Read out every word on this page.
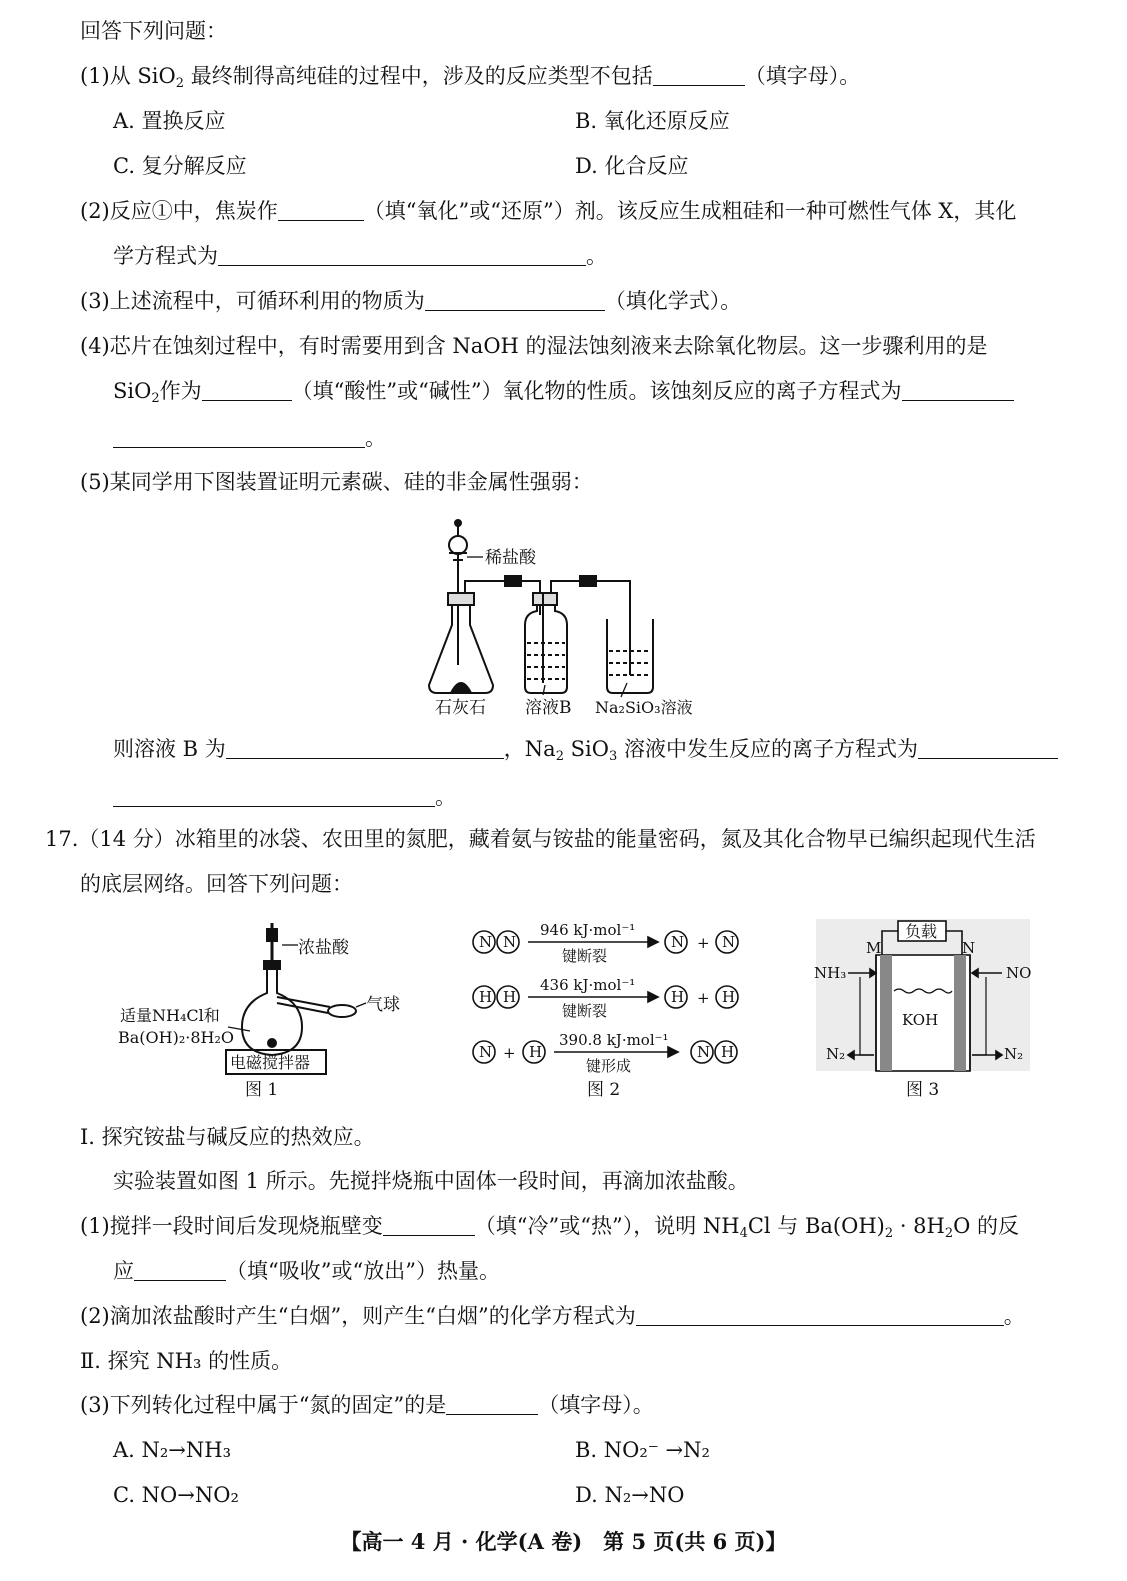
回答下列问题：
(1)从 SiO$_2$ 最终制得高纯硅的过程中，涉及的反应类型不包括	（填字母）。
A. 置换反应	B. 氧化还原反应
C. 复分解反应	D. 化合反应
(2)反应①中，焦炭作	（填“氧化”或“还原”）剂。该反应生成粗硅和一种可燃性气体 X，其化
学方程式为	。
(3)上述流程中，可循环利用的物质为	（填化学式）。
(4)芯片在蚀刻过程中，有时需要用到含 NaOH 的湿法蚀刻液来去除氧化物层。这一步骤利用的是
SiO$_2$作为	（填“酸性”或“碱性”）氧化物的性质。该蚀刻反应的离子方程式为
。
(5)某同学用下图装置证明元素碳、硅的非金属性强弱：
稀盐酸
石灰石 溶液B Na₂SiO₃溶液
则溶液 B 为	，$Na_2$ SiO$_3$ 溶液中发生反应的离子方程式为
。
17.（14 分）冰箱里的冰袋、农田里的氮肥，藏着氨与铵盐的能量密码，氮及其化合物早已编织起现代生活
的底层网络。回答下列问题：
浓盐酸
气球
适量NH₄Cl和
Ba(OH)₂·8H₂O
电磁搅拌器
图 1
N N	N + N
946 kJ·mol⁻¹
键断裂
H H	H + H
436 kJ·mol⁻¹
键断裂
N + H	N H
390.8 kJ·mol⁻¹
键形成
图 2
负载
M	N
NH₃	NO
KOH
N₂	N₂
图 3
Ⅰ. 探究铵盐与碱反应的热效应。
实验装置如图 1 所示。先搅拌烧瓶中固体一段时间，再滴加浓盐酸。
(1)搅拌一段时间后发现烧瓶壁变	（填“冷”或“热”），说明 $NH_4Cl$ 与 $Ba(OH)_2 \cdot 8H_2O$ 的反
应	（填“吸收”或“放出”）热量。
(2)滴加浓盐酸时产生“白烟”，则产生“白烟”的化学方程式为	。
Ⅱ. 探究 NH₃ 的性质。
(3)下列转化过程中属于“氮的固定”的是	（填字母）。
A. N₂→NH₃	B. NO₂⁻ →N₂
C. NO→NO₂	D. N₂→NO
【高一 4 月 · 化学(A 卷)　第 5 页(共 6 页)】
